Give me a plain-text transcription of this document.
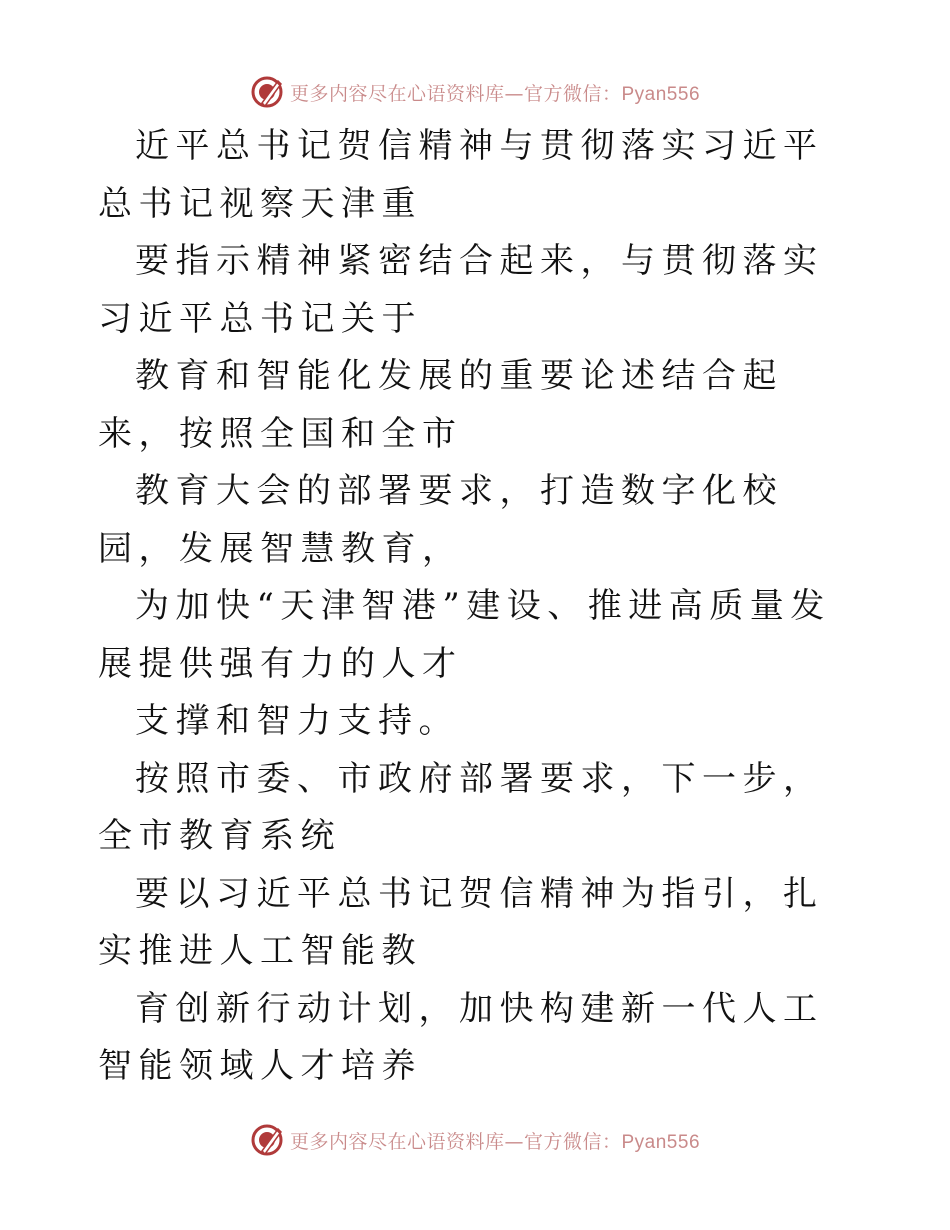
更多内容尽在心语资料库—官方微信：Pyan556

近平总书记贺信精神与贯彻落实习近平总书记视察天津重

要指示精神紧密结合起来，与贯彻落实习近平总书记关于

教育和智能化发展的重要论述结合起来，按照全国和全市

教育大会的部署要求，打造数字化校园，发展智慧教育，

为加快“天津智港”建设、推进高质量发展提供强有力的人才

支撑和智力支持。

按照市委、市政府部署要求，下一步，全市教育系统

要以习近平总书记贺信精神为指引，扎实推进人工智能教

育创新行动计划，加快构建新一代人工智能领域人才培养

更多内容尽在心语资料库—官方微信：Pyan556
